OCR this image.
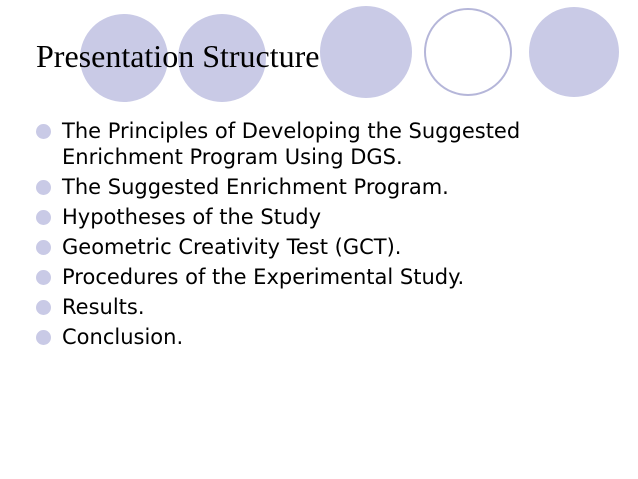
Presentation Structure
The Principles of Developing the Suggested
Enrichment Program Using DGS.
The Suggested Enrichment Program.
Hypotheses of the Study
Geometric Creativity Test (GCT).
Procedures of the Experimental Study.
Results.
Conclusion.
